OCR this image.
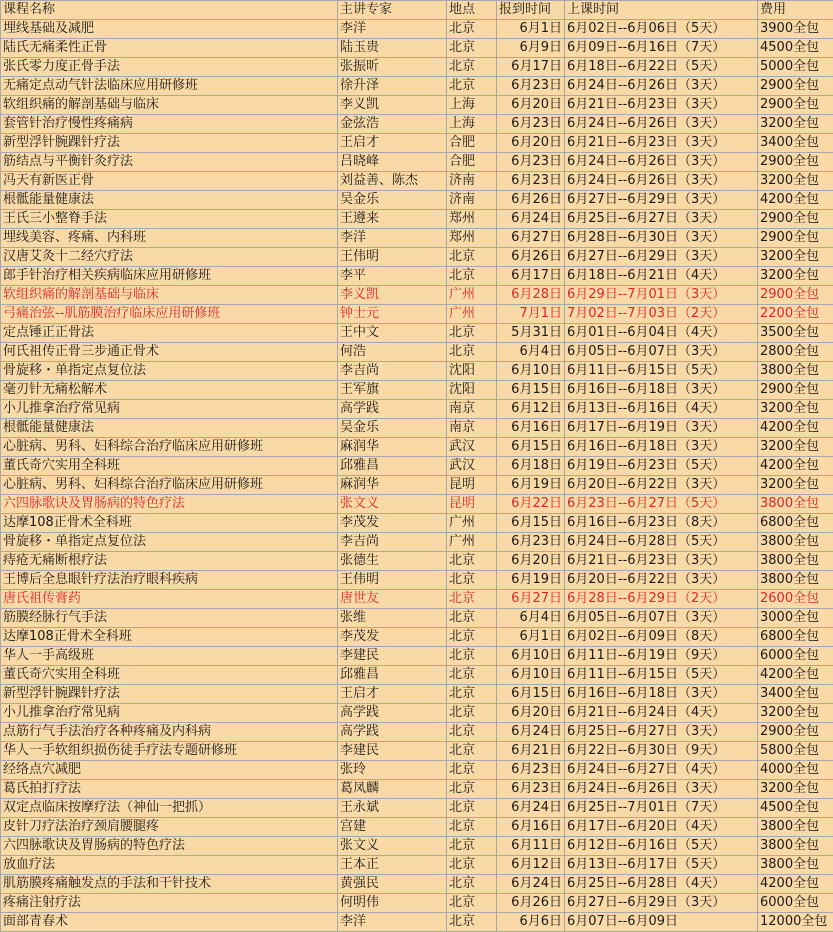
课程名称	主讲专家	地点	报到时间	上课时间	费用
埋线基础及减肥	李洋	北京	6月1日	6月02日--6月06日（5天）	3900全包
陆氏无痛柔性正骨	陆玉贵	北京	6月9日	6月09日--6月16日（7天）	4500全包
张氏零力度正骨手法	张振昕	北京	6月17日	6月18日--6月22日（5天）	5000全包
无痛定点动气针法临床应用研修班	徐升泽	北京	6月23日	6月24日--6月26日（3天）	2900全包
软组织痛的解剖基础与临床	李义凯	上海	6月20日	6月21日--6月23日（3天）	2900全包
套管针治疗慢性疼痛病	金弦浩	上海	6月23日	6月24日--6月26日（3天）	3200全包
新型浮针腕踝针疗法	王启才	合肥	6月20日	6月21日--6月23日（3天）	3400全包
筋结点与平衡针灸疗法	吕晓峰	合肥	6月23日	6月24日--6月26日（3天）	2900全包
冯天有新医正骨	刘益善、陈杰	济南	6月23日	6月24日--6月26日（3天）	3200全包
根骶能量健康法	吴金乐	济南	6月26日	6月27日--6月29日（3天）	4200全包
王氏三小整脊手法	王遵来	郑州	6月24日	6月25日--6月27日（3天）	2900全包
埋线美容、疼痛、内科班	李洋	郑州	6月27日	6月28日--6月30日（3天）	2900全包
汉唐艾灸十二经穴疗法	王伟明	北京	6月26日	6月27日--6月29日（3天）	3200全包
郎手针治疗相关疾病临床应用研修班	李平	北京	6月17日	6月18日--6月21日（4天）	3200全包
软组织痛的解剖基础与临床	李义凯	广州	6月28日	6月29日--7月01日（3天）	2900全包
弓痛治弦--肌筋膜治疗临床应用研修班	钟士元	广州	7月1日	7月02日--7月03日（2天）	2200全包
定点锤正正骨法	王中文	北京	5月31日	6月01日--6月04日（4天）	3500全包
何氏祖传正骨三步通正骨术	何浩	北京	6月4日	6月05日--6月07日（3天）	2800全包
骨旋移・单指定点复位法	李吉尚	沈阳	6月10日	6月11日--6月15日（5天）	3800全包
毫刃针无痛松解术	王军旗	沈阳	6月15日	6月16日--6月18日（3天）	2900全包
小儿推拿治疗常见病	高学践	南京	6月12日	6月13日--6月16日（4天）	3200全包
根骶能量健康法	吴金乐	南京	6月16日	6月17日--6月19日（3天）	4200全包
心脏病、男科、妇科综合治疗临床应用研修班	麻润华	武汉	6月15日	6月16日--6月18日（3天）	3200全包
董氏奇穴实用全科班	邱雅昌	武汉	6月18日	6月19日--6月23日（5天）	4200全包
心脏病、男科、妇科综合治疗临床应用研修班	麻润华	昆明	6月19日	6月20日--6月22日（3天）	3200全包
六四脉歌诀及胃肠病的特色疗法	张文义	昆明	6月22日	6月23日--6月27日（5天）	3800全包
达摩108正骨术全科班	李茂发	广州	6月15日	6月16日--6月23日（8天）	6800全包
骨旋移・单指定点复位法	李吉尚	广州	6月23日	6月24日--6月28日（5天）	3800全包
痔疮无痛断根疗法	张德生	北京	6月20日	6月21日--6月23日（3天）	3800全包
王博后全息眼针疗法治疗眼科疾病	王伟明	北京	6月19日	6月20日--6月22日（3天）	3800全包
唐氏祖传膏药	唐世友	北京	6月27日	6月28日--6月29日（2天）	2600全包
筋膜经脉行气手法	张维	北京	6月4日	6月05日--6月07日（3天）	3000全包
达摩108正骨术全科班	李茂发	北京	6月1日	6月02日--6月09日（8天）	6800全包
华人一手高级班	李建民	北京	6月10日	6月11日--6月19日（9天）	6000全包
董氏奇穴实用全科班	邱雅昌	北京	6月10日	6月11日--6月15日（5天）	4200全包
新型浮针腕踝针疗法	王启才	北京	6月15日	6月16日--6月18日（3天）	3400全包
小儿推拿治疗常见病	高学践	北京	6月20日	6月21日--6月24日（4天）	3200全包
点筋行气手法治疗各种疼痛及内科病	高学践	北京	6月24日	6月25日--6月27日（3天）	2900全包
华人一手软组织损伤徒手疗法专题研修班	李建民	北京	6月21日	6月22日--6月30日（9天）	5800全包
经络点穴减肥	张玲	北京	6月23日	6月24日--6月27日（4天）	4000全包
葛氏拍打疗法	葛凤麟	北京	6月23日	6月24日--6月26日（3天）	3200全包
双定点临床按摩疗法（神仙一把抓）	王永斌	北京	6月24日	6月25日--7月01日（7天）	4500全包
皮针刀疗法治疗颈肩腰腿疼	宫建	北京	6月16日	6月17日--6月20日（4天）	3800全包
六四脉歌诀及胃肠病的特色疗法	张文义	北京	6月11日	6月12日--6月16日（5天）	3800全包
放血疗法	王本正	北京	6月12日	6月13日--6月17日（5天）	3800全包
肌筋膜疼痛触发点的手法和干针技术	黄强民	北京	6月24日	6月25日--6月28日（4天）	4200全包
疼痛注射疗法	何明伟	北京	6月26日	6月27日--6月29日（3天）	6000全包
面部青春术	李洋	北京	6月6日	6月07日--6月09日	12000全包
